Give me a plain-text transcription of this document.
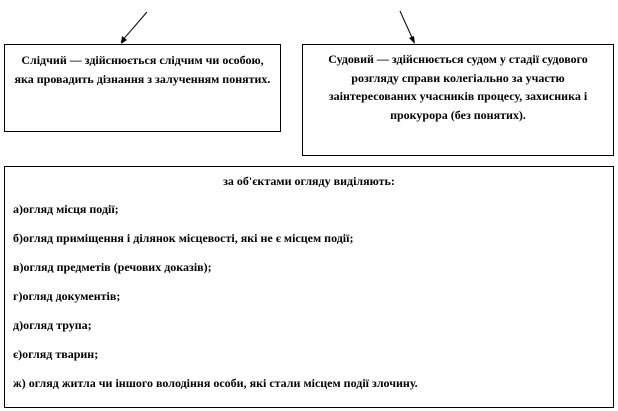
Слідчий — здійснюється слідчим чи особою, яка провадить дізнання з залученням понятих.
Судовий — здійснюється судом у стадії судового розгляду справи колегіально за участю заінтересованих учасників процесу, захисника і прокурора (без понятих).

за об'єктами огляду виділяють:

а)огляд місця події;

б)огляд приміщення і ділянок місцевості, які не є місцем події;

в)огляд предметів (речових доказів);

г)огляд документів;

д)огляд трупа;

є)огляд тварин;

ж) огляд житла чи іншого володіння особи, які стали місцем події злочину.
